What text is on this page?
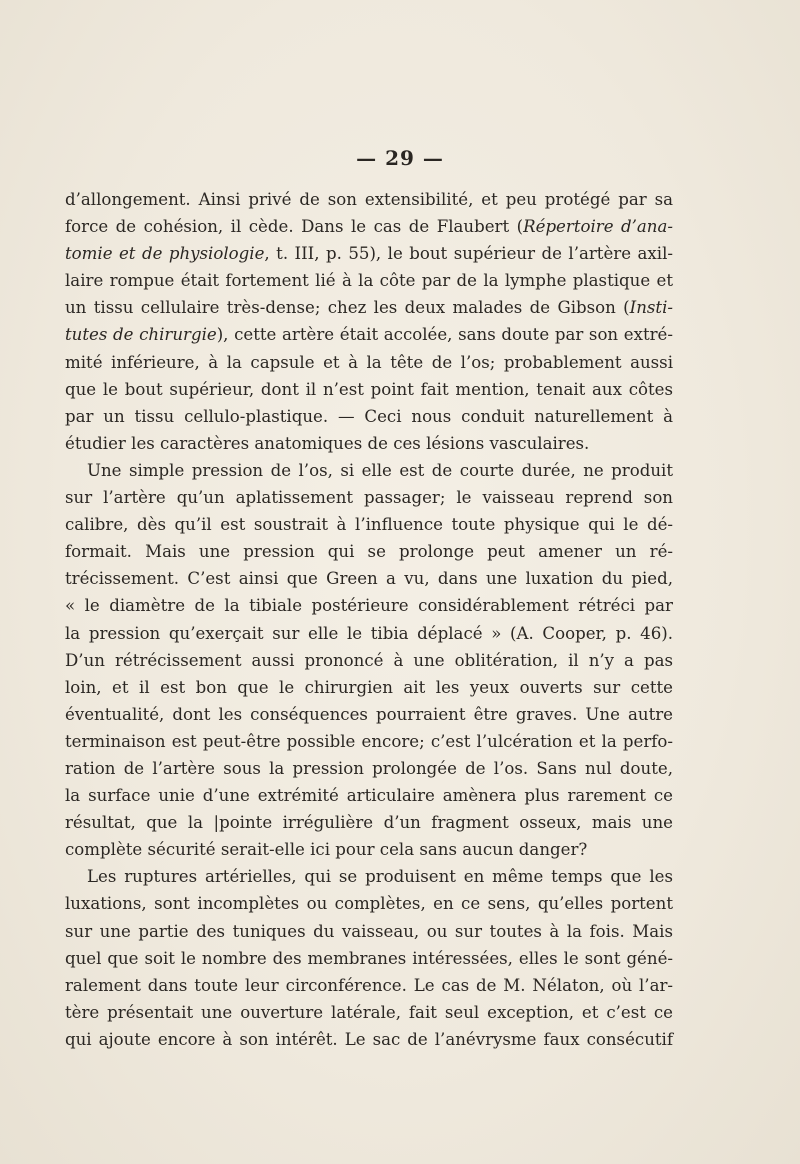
— 29 —
d’allongement. Ainsi privé de son extensibilité, et peu protégé par sa
force de cohésion, il cède. Dans le cas de Flaubert (Répertoire d’ana-
tomie et de physiologie, t. III, p. 55), le bout supérieur de l’artère axil-
laire rompue était fortement lié à la côte par de la lymphe plastique et
un tissu cellulaire très-dense; chez les deux malades de Gibson (Insti-
tutes de chirurgie), cette artère était accolée, sans doute par son extré-
mité inférieure, à la capsule et à la tête de l’os; probablement aussi
que le bout supérieur, dont il n’est point fait mention, tenait aux côtes
par un tissu cellulo-plastique. — Ceci nous conduit naturellement à
étudier les caractères anatomiques de ces lésions vasculaires.
Une simple pression de l’os, si elle est de courte durée, ne produit
sur l’artère qu’un aplatissement passager; le vaisseau reprend son
calibre, dès qu’il est soustrait à l’influence toute physique qui le dé-
formait. Mais une pression qui se prolonge peut amener un ré-
trécissement. C’est ainsi que Green a vu, dans une luxation du pied,
« le diamètre de la tibiale postérieure considérablement rétréci par
la pression qu’exerçait sur elle le tibia déplacé » (A. Cooper, p. 46).
D’un rétrécissement aussi prononcé à une oblitération, il n’y a pas
loin, et il est bon que le chirurgien ait les yeux ouverts sur cette
éventualité, dont les conséquences pourraient être graves. Une autre
terminaison est peut-être possible encore; c’est l’ulcération et la perfo-
ration de l’artère sous la pression prolongée de l’os. Sans nul doute,
la surface unie d’une extrémité articulaire amènera plus rarement ce
résultat, que la |pointe irrégulière d’un fragment osseux, mais une
complète sécurité serait-elle ici pour cela sans aucun danger?
Les ruptures artérielles, qui se produisent en même temps que les
luxations, sont incomplètes ou complètes, en ce sens, qu’elles portent
sur une partie des tuniques du vaisseau, ou sur toutes à la fois. Mais
quel que soit le nombre des membranes intéressées, elles le sont géné-
ralement dans toute leur circonférence. Le cas de M. Nélaton, où l’ar-
tère présentait une ouverture latérale, fait seul exception, et c’est ce
qui ajoute encore à son intérêt. Le sac de l’anévrysme faux consécutif
